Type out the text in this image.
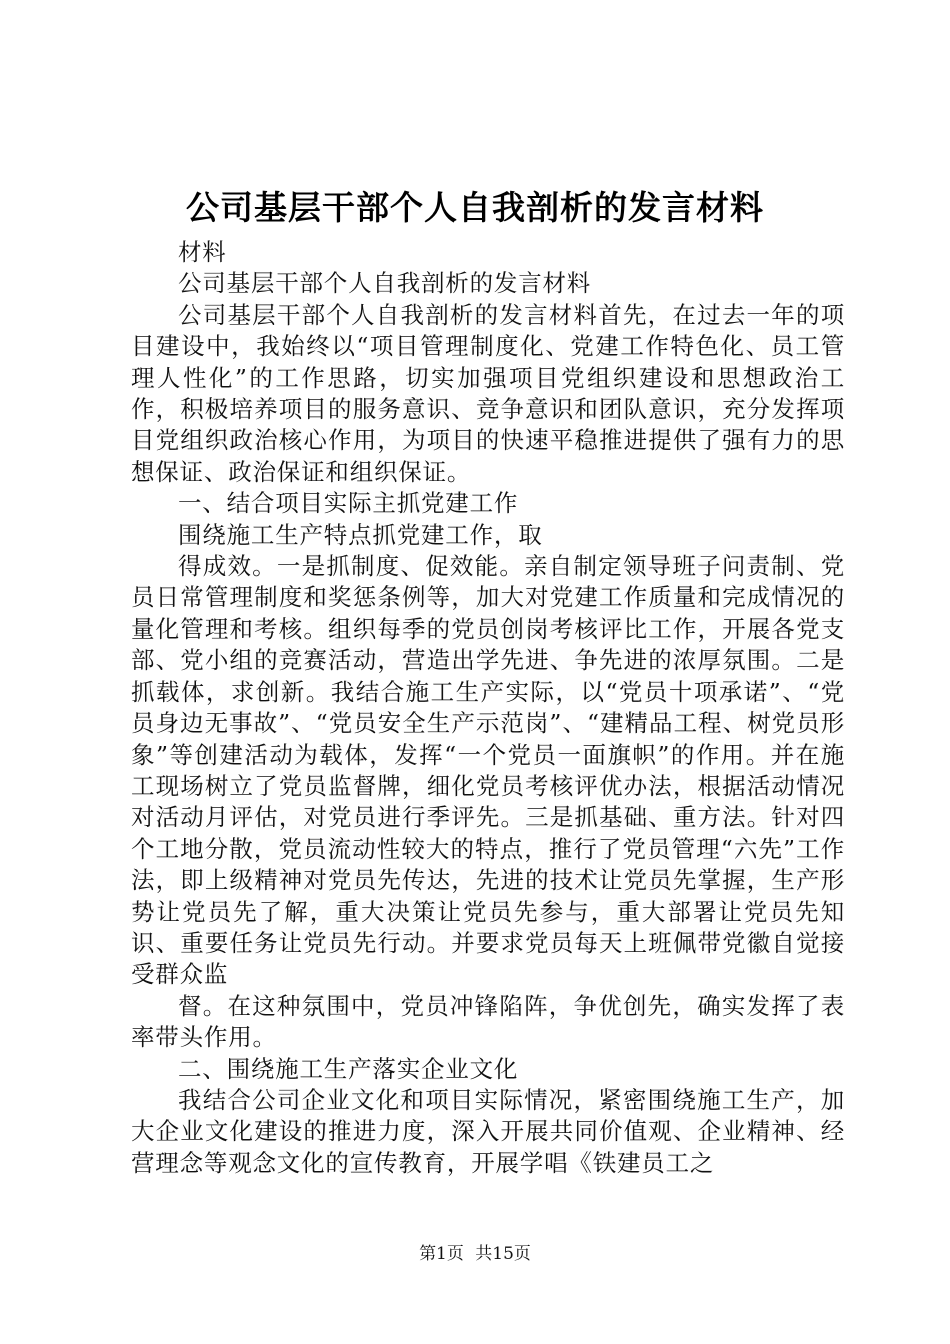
公司基层干部个人自我剖析的发言材料

材料

公司基层干部个人自我剖析的发言材料

公司基层干部个人自我剖析的发言材料首先，在过去一年的项目建设中，我始终以“项目管理制度化、党建工作特色化、员工管理人性化”的工作思路，切实加强项目党组织建设和思想政治工作，积极培养项目的服务意识、竞争意识和团队意识，充分发挥项目党组织政治核心作用，为项目的快速平稳推进提供了强有力的思想保证、政治保证和组织保证。

一、结合项目实际主抓党建工作

围绕施工生产特点抓党建工作，取

得成效。一是抓制度、促效能。亲自制定领导班子问责制、党员日常管理制度和奖惩条例等，加大对党建工作质量和完成情况的量化管理和考核。组织每季的党员创岗考核评比工作，开展各党支部、党小组的竞赛活动，营造出学先进、争先进的浓厚氛围。二是抓载体，求创新。我结合施工生产实际，以“党员十项承诺”、“党员身边无事故”、“党员安全生产示范岗”、“建精品工程、树党员形象”等创建活动为载体，发挥“一个党员一面旗帜”的作用。并在施工现场树立了党员监督牌，细化党员考核评优办法，根据活动情况对活动月评估，对党员进行季评先。三是抓基础、重方法。针对四个工地分散，党员流动性较大的特点，推行了党员管理“六先”工作法，即上级精神对党员先传达，先进的技术让党员先掌握，生产形势让党员先了解，重大决策让党员先参与，重大部署让党员先知识、重要任务让党员先行动。并要求党员每天上班佩带党徽自觉接受群众监

督。在这种氛围中，党员冲锋陷阵，争优创先，确实发挥了表率带头作用。

二、围绕施工生产落实企业文化

我结合公司企业文化和项目实际情况，紧密围绕施工生产，加大企业文化建设的推进力度，深入开展共同价值观、企业精神、经营理念等观念文化的宣传教育，开展学唱《铁建员工之

第1页 共15页
